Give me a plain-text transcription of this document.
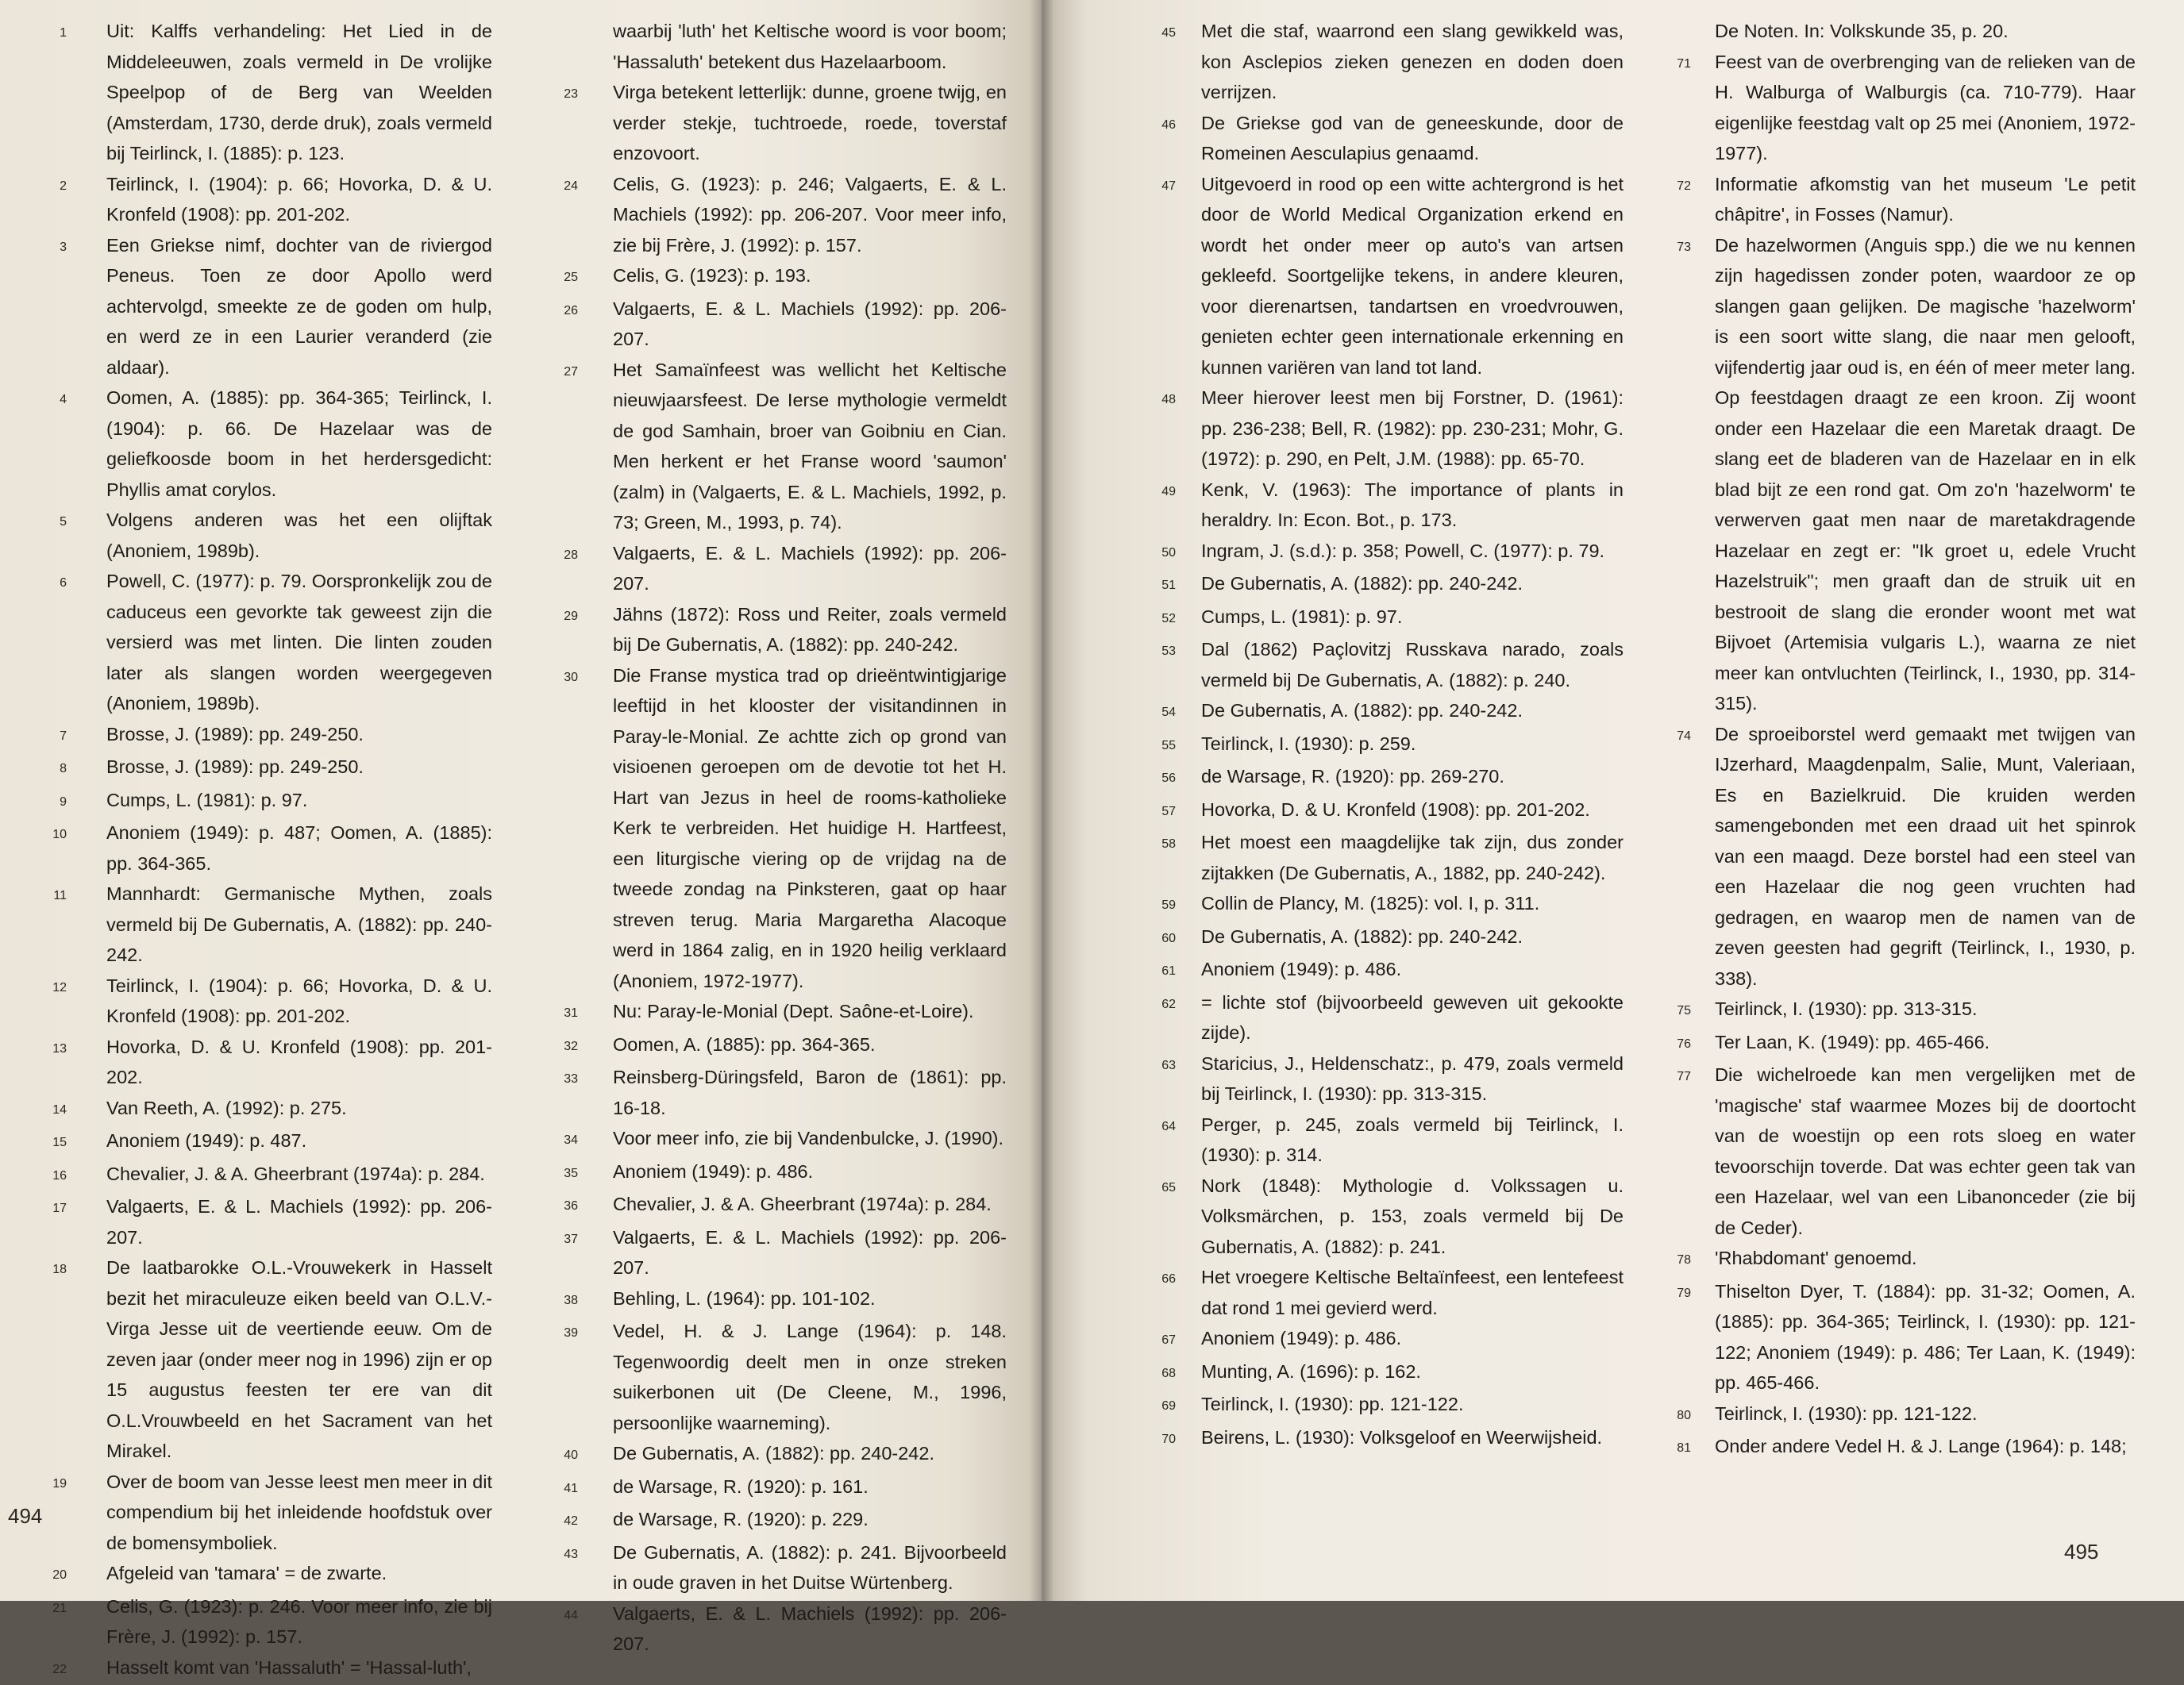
1 Uit: Kalffs verhandeling: Het Lied in de Middeleeuwen, zoals vermeld in De vrolijke Speelpop of de Berg van Weelden (Amsterdam, 1730, derde druk), zoals vermeld bij Teirlinck, I. (1885): p. 123.
2 Teirlinck, I. (1904): p. 66; Hovorka, D. & U. Kronfeld (1908): pp. 201-202.
3 Een Griekse nimf, dochter van de riviergod Peneus. Toen ze door Apollo werd achtervolgd, smeekte ze de goden om hulp, en werd ze in een Laurier veranderd (zie aldaar).
4 Oomen, A. (1885): pp. 364-365; Teirlinck, I. (1904): p. 66. De Hazelaar was de geliefkoosde boom in het herdersgedicht: Phyllis amat corylos.
5 Volgens anderen was het een olijftak (Anoniem, 1989b).
6 Powell, C. (1977): p. 79. Oorspronkelijk zou de caduceus een gevorkte tak geweest zijn die versierd was met linten. Die linten zouden later als slangen worden weergegeven (Anoniem, 1989b).
7 Brosse, J. (1989): pp. 249-250.
8 Brosse, J. (1989): pp. 249-250.
9 Cumps, L. (1981): p. 97.
10 Anoniem (1949): p. 487; Oomen, A. (1885): pp. 364-365.
11 Mannhardt: Germanische Mythen, zoals vermeld bij De Gubernatis, A. (1882): pp. 240-242.
12 Teirlinck, I. (1904): p. 66; Hovorka, D. & U. Kronfeld (1908): pp. 201-202.
13 Hovorka, D. & U. Kronfeld (1908): pp. 201-202.
14 Van Reeth, A. (1992): p. 275.
15 Anoniem (1949): p. 487.
16 Chevalier, J. & A. Gheerbrant (1974a): p. 284.
17 Valgaerts, E. & L. Machiels (1992): pp. 206-207.
18 De laatbarokke O.L.-Vrouwekerk in Hasselt bezit het miraculeuze eiken beeld van O.L.V.-Virga Jesse uit de veertiende eeuw. Om de zeven jaar (onder meer nog in 1996) zijn er op 15 augustus feesten ter ere van dit O.L.Vrouwbeeld en het Sacrament van het Mirakel.
19 Over de boom van Jesse leest men meer in dit compendium bij het inleidende hoofdstuk over de bomensymboliek.
20 Afgeleid van 'tamara' = de zwarte.
21 Celis, G. (1923): p. 246. Voor meer info, zie bij Frère, J. (1992): p. 157.
22 Hasselt komt van 'Hassaluth' = 'Hassal-luth',
waarbij 'luth' het Keltische woord is voor boom; 'Hassaluth' betekent dus Hazelaarboom.
23 Virga betekent letterlijk: dunne, groene twijg, en verder stekje, tuchtroede, roede, toverstaf enzovoort.
24 Celis, G. (1923): p. 246; Valgaerts, E. & L. Machiels (1992): pp. 206-207. Voor meer info, zie bij Frère, J. (1992): p. 157.
25 Celis, G. (1923): p. 193.
26 Valgaerts, E. & L. Machiels (1992): pp. 206-207.
27 Het Samaïnfeest was wellicht het Keltische nieuwjaarsfeest. De Ierse mythologie vermeldt de god Samhain, broer van Goibniu en Cian. Men herkent er het Franse woord 'saumon' (zalm) in (Valgaerts, E. & L. Machiels, 1992, p. 73; Green, M., 1993, p. 74).
28 Valgaerts, E. & L. Machiels (1992): pp. 206-207.
29 Jähns (1872): Ross und Reiter, zoals vermeld bij De Gubernatis, A. (1882): pp. 240-242.
30 Die Franse mystica trad op drieëntwintigjarige leeftijd in het klooster der visitandinnen in Paray-le-Monial. Ze achtte zich op grond van visioenen geroepen om de devotie tot het H. Hart van Jezus in heel de rooms-katholieke Kerk te verbreiden. Het huidige H. Hartfeest, een liturgische viering op de vrijdag na de tweede zondag na Pinksteren, gaat op haar streven terug. Maria Margaretha Alacoque werd in 1864 zalig, en in 1920 heilig verklaard (Anoniem, 1972-1977).
31 Nu: Paray-le-Monial (Dept. Saône-et-Loire).
32 Oomen, A. (1885): pp. 364-365.
33 Reinsberg-Düringsfeld, Baron de (1861): pp. 16-18.
34 Voor meer info, zie bij Vandenbulcke, J. (1990).
35 Anoniem (1949): p. 486.
36 Chevalier, J. & A. Gheerbrant (1974a): p. 284.
37 Valgaerts, E. & L. Machiels (1992): pp. 206-207.
38 Behling, L. (1964): pp. 101-102.
39 Vedel, H. & J. Lange (1964): p. 148. Tegenwoordig deelt men in onze streken suikerbonen uit (De Cleene, M., 1996, persoonlijke waarneming).
40 De Gubernatis, A. (1882): pp. 240-242.
41 de Warsage, R. (1920): p. 161.
42 de Warsage, R. (1920): p. 229.
43 De Gubernatis, A. (1882): p. 241. Bijvoorbeeld in oude graven in het Duitse Würtenberg.
44 Valgaerts, E. & L. Machiels (1992): pp. 206-207.
494
45 Met die staf, waarrond een slang gewikkeld was, kon Asclepios zieken genezen en doden doen verrijzen.
46 De Griekse god van de geneeskunde, door de Romeinen Aesculapius genaamd.
47 Uitgevoerd in rood op een witte achtergrond is het door de World Medical Organization erkend en wordt het onder meer op auto's van artsen gekleefd. Soortgelijke tekens, in andere kleuren, voor dierenartsen, tandartsen en vroedvrouwen, genieten echter geen internationale erkenning en kunnen variëren van land tot land.
48 Meer hierover leest men bij Forstner, D. (1961): pp. 236-238; Bell, R. (1982): pp. 230-231; Mohr, G. (1972): p. 290, en Pelt, J.M. (1988): pp. 65-70.
49 Kenk, V. (1963): The importance of plants in heraldry. In: Econ. Bot., p. 173.
50 Ingram, J. (s.d.): p. 358; Powell, C. (1977): p. 79.
51 De Gubernatis, A. (1882): pp. 240-242.
52 Cumps, L. (1981): p. 97.
53 Dal (1862) Paçlovitzj Russkava narado, zoals vermeld bij De Gubernatis, A. (1882): p. 240.
54 De Gubernatis, A. (1882): pp. 240-242.
55 Teirlinck, I. (1930): p. 259.
56 de Warsage, R. (1920): pp. 269-270.
57 Hovorka, D. & U. Kronfeld (1908): pp. 201-202.
58 Het moest een maagdelijke tak zijn, dus zonder zijtakken (De Gubernatis, A., 1882, pp. 240-242).
59 Collin de Plancy, M. (1825): vol. I, p. 311.
60 De Gubernatis, A. (1882): pp. 240-242.
61 Anoniem (1949): p. 486.
62 = lichte stof (bijvoorbeeld geweven uit gekookte zijde).
63 Staricius, J., Heldenschatz:, p. 479, zoals vermeld bij Teirlinck, I. (1930): pp. 313-315.
64 Perger, p. 245, zoals vermeld bij Teirlinck, I. (1930): p. 314.
65 Nork (1848): Mythologie d. Volkssagen u. Volksmärchen, p. 153, zoals vermeld bij De Gubernatis, A. (1882): p. 241.
66 Het vroegere Keltische Beltaïnfeest, een lentefeest dat rond 1 mei gevierd werd.
67 Anoniem (1949): p. 486.
68 Munting, A. (1696): p. 162.
69 Teirlinck, I. (1930): pp. 121-122.
70 Beirens, L. (1930): Volksgeloof en Weerwijsheid.
De Noten. In: Volkskunde 35, p. 20.
71 Feest van de overbrenging van de relieken van de H. Walburga of Walburgis (ca. 710-779). Haar eigenlijke feestdag valt op 25 mei (Anoniem, 1972-1977).
72 Informatie afkomstig van het museum 'Le petit châpitre', in Fosses (Namur).
73 De hazelwormen (Anguis spp.) die we nu kennen zijn hagedissen zonder poten, waardoor ze op slangen gaan gelijken. De magische 'hazelworm' is een soort witte slang, die naar men gelooft, vijfendertig jaar oud is, en één of meer meter lang. Op feestdagen draagt ze een kroon. Zij woont onder een Hazelaar die een Maretak draagt. De slang eet de bladeren van de Hazelaar en in elk blad bijt ze een rond gat. Om zo'n 'hazelworm' te verwerven gaat men naar de maretakdragende Hazelaar en zegt er: "Ik groet u, edele Vrucht Hazelstruik"; men graaft dan de struik uit en bestrooit de slang die eronder woont met wat Bijvoet (Artemisia vulgaris L.), waarna ze niet meer kan ontvluchten (Teirlinck, I., 1930, pp. 314-315).
74 De sproeiborstel werd gemaakt met twijgen van IJzerhard, Maagdenpalm, Salie, Munt, Valeriaan, Es en Bazielkruid. Die kruiden werden samengebonden met een draad uit het spinrok van een maagd. Deze borstel had een steel van een Hazelaar die nog geen vruchten had gedragen, en waarop men de namen van de zeven geesten had gegrift (Teirlinck, I., 1930, p. 338).
75 Teirlinck, I. (1930): pp. 313-315.
76 Ter Laan, K. (1949): pp. 465-466.
77 Die wichelroede kan men vergelijken met de 'magische' staf waarmee Mozes bij de doortocht van de woestijn op een rots sloeg en water tevoorschijn toverde. Dat was echter geen tak van een Hazelaar, wel van een Libanonceder (zie bij de Ceder).
78 'Rhabdomant' genoemd.
79 Thiselton Dyer, T. (1884): pp. 31-32; Oomen, A. (1885): pp. 364-365; Teirlinck, I. (1930): pp. 121-122; Anoniem (1949): p. 486; Ter Laan, K. (1949): pp. 465-466.
80 Teirlinck, I. (1930): pp. 121-122.
81 Onder andere Vedel H. & J. Lange (1964): p. 148;
495
